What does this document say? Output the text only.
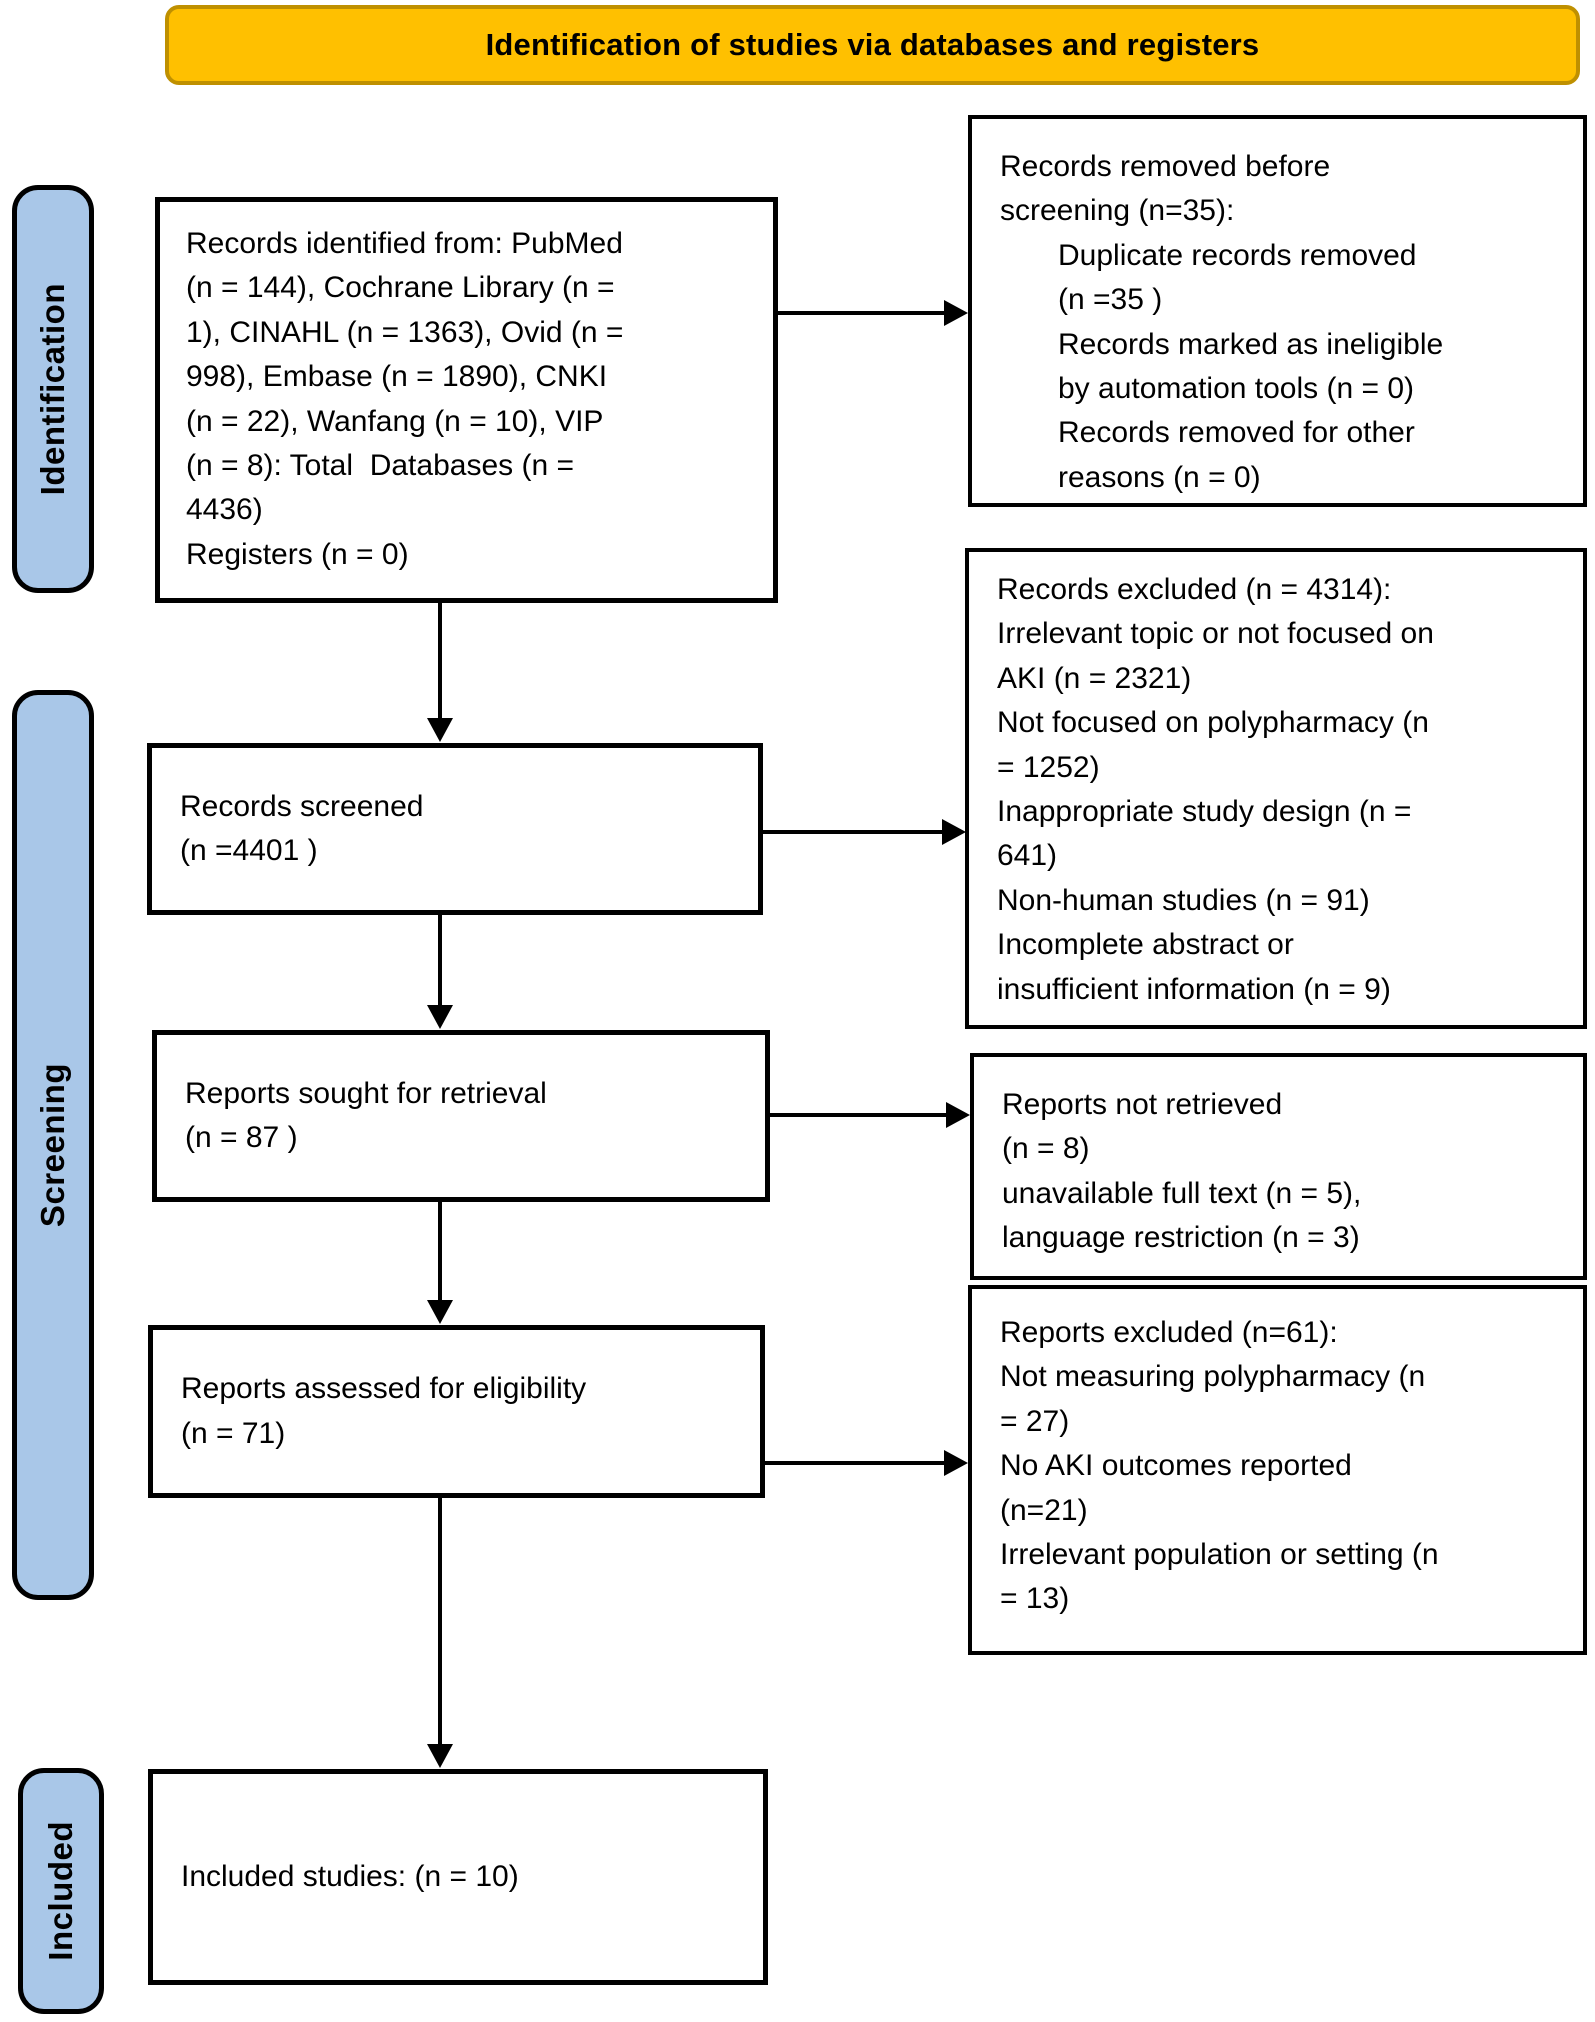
Identification of studies via databases and registers
Identification
Screening
Included
Records identified from: PubMed
(n = 144), Cochrane Library (n =
1), CINAHL (n = 1363), Ovid (n =
998), Embase (n = 1890), CNKI
(n = 22), Wanfang (n = 10), VIP
(n = 8): Total  Databases (n =
4436)
Registers (n = 0)
Records screened
(n =4401 )
Reports sought for retrieval
(n = 87 )
Reports assessed for eligibility
(n = 71)
Included studies: (n = 10)
Records removed before
screening (n=35):
Duplicate records removed
(n =35 )
Records marked as ineligible
by automation tools (n = 0)
Records removed for other
reasons (n = 0)
Records excluded (n = 4314):
Irrelevant topic or not focused on
AKI (n = 2321)
Not focused on polypharmacy (n
= 1252)
Inappropriate study design (n =
641)
Non-human studies (n = 91)
Incomplete abstract or
insufficient information (n = 9)
Reports not retrieved
(n = 8)
unavailable full text (n = 5),
language restriction (n = 3)
Reports excluded (n=61):
Not measuring polypharmacy (n
= 27)
No AKI outcomes reported
(n=21)
Irrelevant population or setting (n
= 13)
